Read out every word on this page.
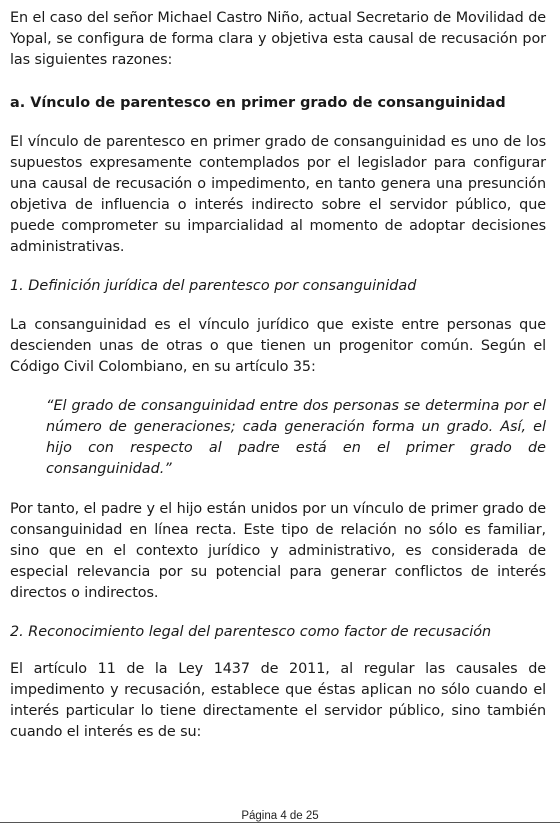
En el caso del señor Michael Castro Niño, actual Secretario de Movilidad de Yopal, se configura de forma clara y objetiva esta causal de recusación por las siguientes razones:

a. Vínculo de parentesco en primer grado de consanguinidad

El vínculo de parentesco en primer grado de consanguinidad es uno de los supuestos expresamente contemplados por el legislador para configurar una causal de recusación o impedimento, en tanto genera una presunción objetiva de influencia o interés indirecto sobre el servidor público, que puede comprometer su imparcialidad al momento de adoptar decisiones administrativas.

1. Definición jurídica del parentesco por consanguinidad

La consanguinidad es el vínculo jurídico que existe entre personas que descienden unas de otras o que tienen un progenitor común. Según el Código Civil Colombiano, en su artículo 35:

“El grado de consanguinidad entre dos personas se determina por el número de generaciones; cada generación forma un grado. Así, el hijo con respecto al padre está en el primer grado de consanguinidad.”

Por tanto, el padre y el hijo están unidos por un vínculo de primer grado de consanguinidad en línea recta. Este tipo de relación no sólo es familiar, sino que en el contexto jurídico y administrativo, es considerada de especial relevancia por su potencial para generar conflictos de interés directos o indirectos.

2. Reconocimiento legal del parentesco como factor de recusación

El artículo 11 de la Ley 1437 de 2011, al regular las causales de impedimento y recusación, establece que éstas aplican no sólo cuando el interés particular lo tiene directamente el servidor público, sino también cuando el interés es de su:

Página 4 de 25
